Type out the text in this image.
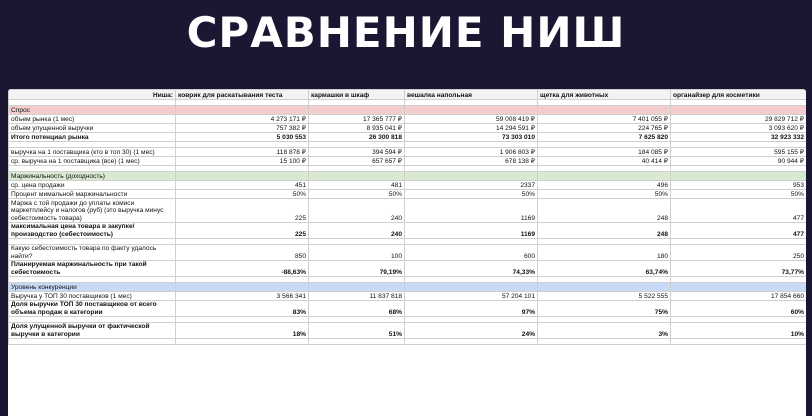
СРАВНЕНИЕ НИШ
Ниша:	коврик для раскатывания теста	кармашки в шкаф	вешалка напольная	щетка для животных	органайзер для косметики

Спрос					
объем рынка (1 мес)	4 273 171 ₽	17 365 777 ₽	59 008 419 ₽	7 401 055 ₽	29 829 712 ₽
объем улущенной выручки	757 382 ₽	8 935 041 ₽	14 294 591 ₽	224 765 ₽	3 093 620 ₽
Итого потенциал рынка	5 030 553	26 300 818	73 303 010	7 625 820	32 923 332

выручка на 1 поставщика (кто в топ 30) (1 мес)	118 878 ₽	394 594 ₽	1 906 803 ₽	184 085 ₽	595 155 ₽
ср. выручка на 1 поставщика (все) (1 мес)	15 100 ₽	657 657 ₽	678 138 ₽	40 414 ₽	90 944 ₽

Маржинальность (доходность)					
ср. цена продажи	451	481	2337	496	953
Процент мимальной маржинальности	50%	50%	50%	50%	50%
Маржа с той продажи до уплаты комиси маркетплейсу и налогов (руб) (это выручка минус себестоимость товара)	225	240	1169	248	477
максимальная цена товара в закупке/ производство (себестоимость)	225	240	1169	248	477

Какую себестоимость товара по факту удалось найти?	850	100	600	180	250
Планируемая маржинальность при такой себестоимость	-88,63%	79,19%	74,33%	63,74%	73,77%

Уровень конкуренции					
Выручка у ТОП 30 поставщиков (1 мес)	3 566 341	11 837 818	57 204 101	5 522 555	17 854 660
Доля выручки ТОП 30 поставщиков от всего объема продаж в категории	83%	68%	97%	75%	60%

Доля улущенной выручки от фактической выручки в категории	18%	51%	24%	3%	10%
